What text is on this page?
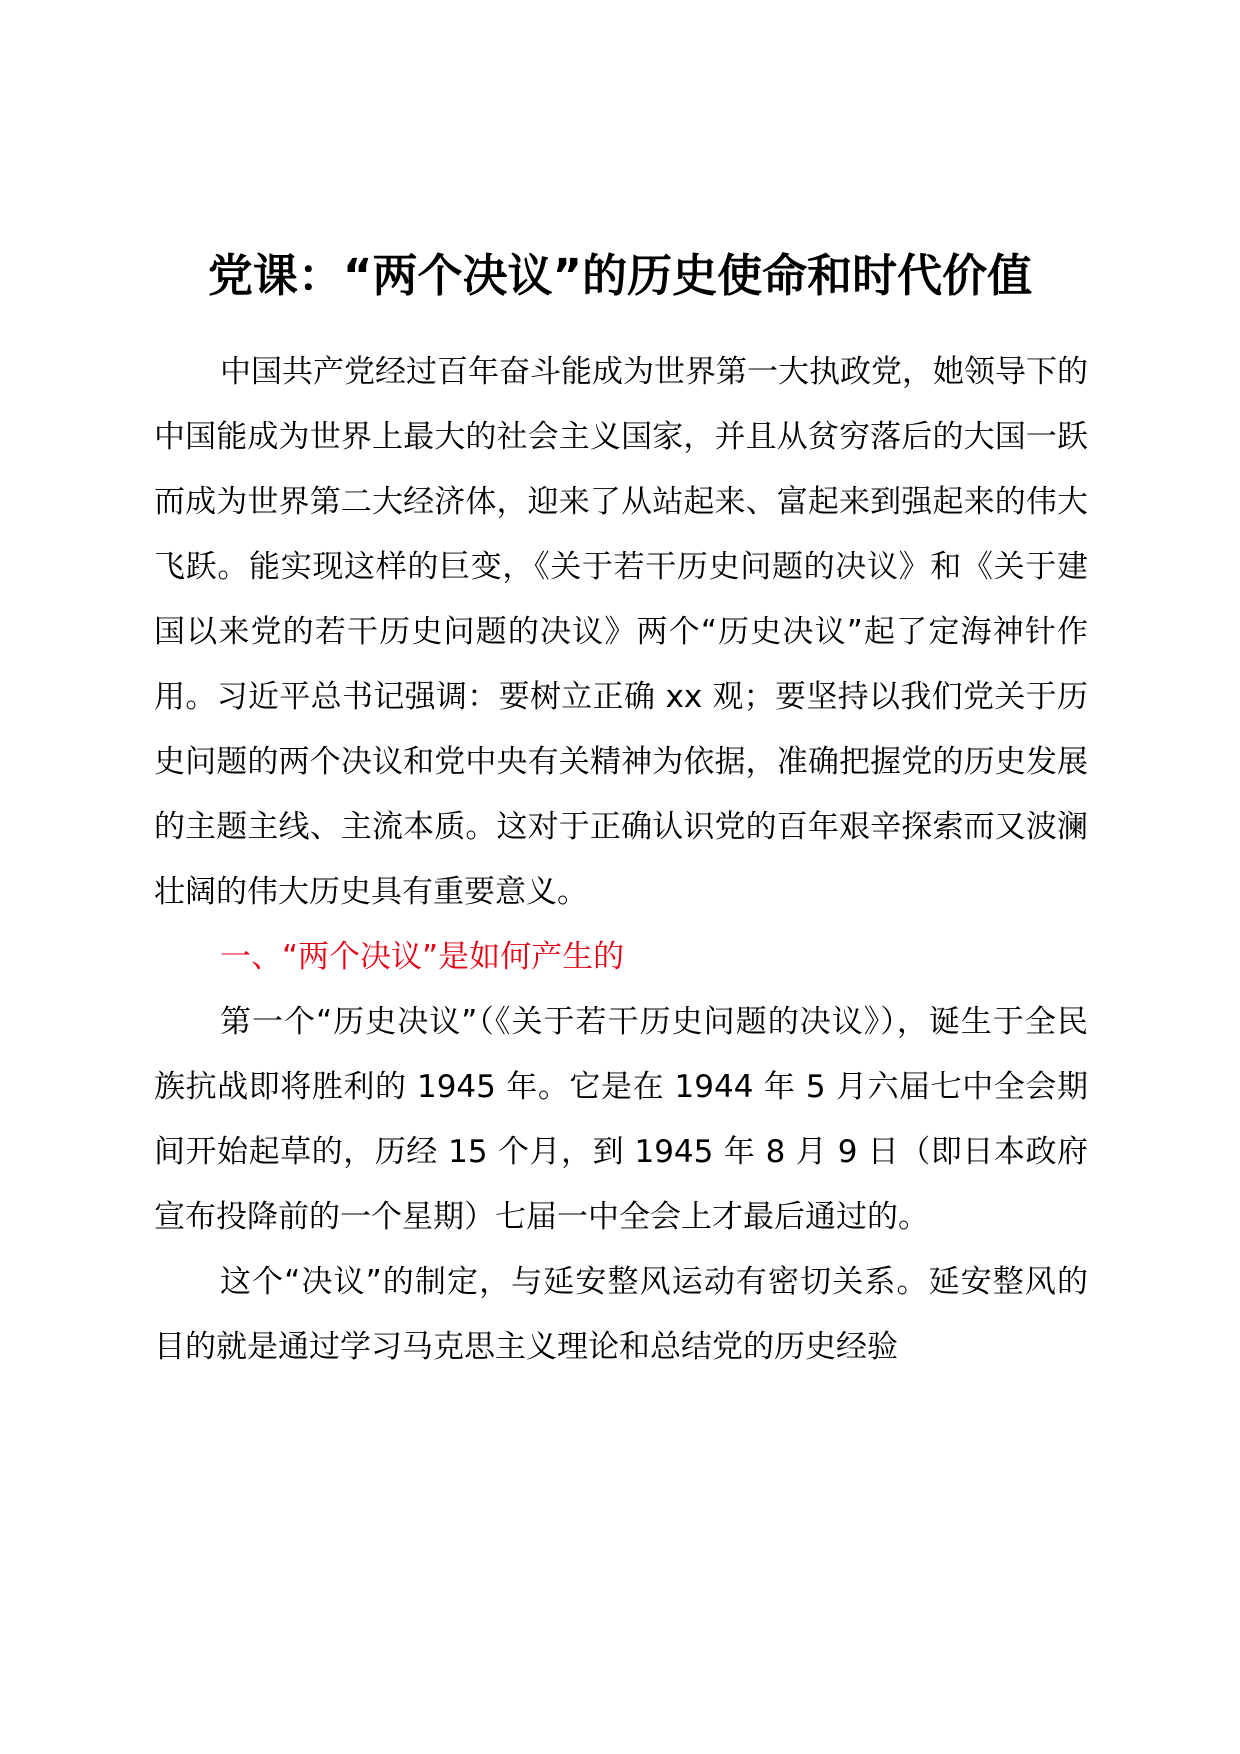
党课：“两个决议”的历史使命和时代价值

中国共产党经过百年奋斗能成为世界第一大执政党，她领导下的中国能成为世界上最大的社会主义国家，并且从贫穷落后的大国一跃而成为世界第二大经济体，迎来了从站起来、富起来到强起来的伟大飞跃。能实现这样的巨变，《关于若干历史问题的决议》和《关于建国以来党的若干历史问题的决议》两个“历史决议”起了定海神针作用。习近平总书记强调：要树立正确 xx 观；要坚持以我们党关于历史问题的两个决议和党中央有关精神为依据，准确把握党的历史发展的主题主线、主流本质。这对于正确认识党的百年艰辛探索而又波澜壮阔的伟大历史具有重要意义。

一、“两个决议”是如何产生的

第一个“历史决议”（《关于若干历史问题的决议》），诞生于全民族抗战即将胜利的 1945 年。它是在 1944 年 5 月六届七中全会期间开始起草的，历经 15 个月，到 1945 年 8 月 9 日（即日本政府宣布投降前的一个星期）七届一中全会上才最后通过的。

这个“决议”的制定，与延安整风运动有密切关系。延安整风的目的就是通过学习马克思主义理论和总结党的历史经验
